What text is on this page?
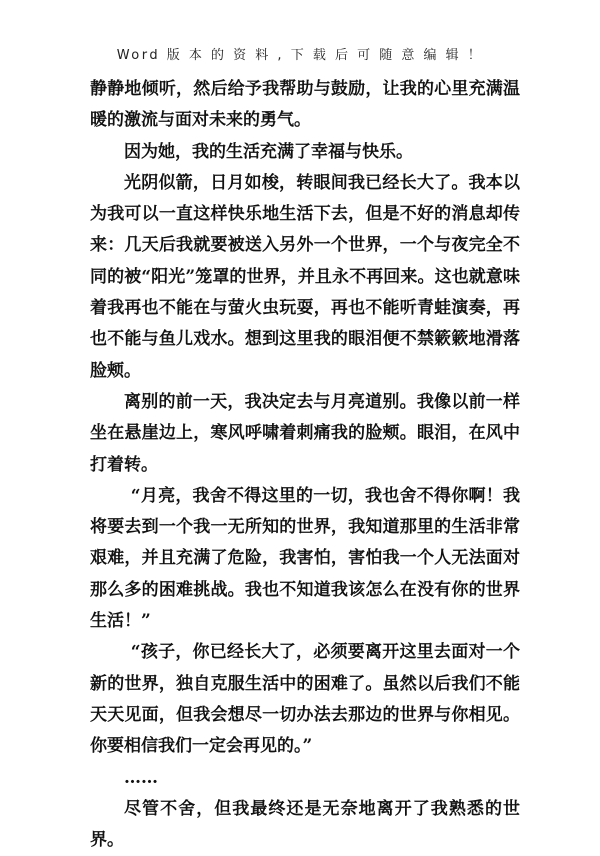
Word 版 本 的 资 料 , 下 载 后 可 随 意 编 辑 ！

静静地倾听，然后给予我帮助与鼓励，让我的心里充满温暖的激流与面对未来的勇气。

因为她，我的生活充满了幸福与快乐。

光阴似箭，日月如梭，转眼间我已经长大了。我本以为我可以一直这样快乐地生活下去，但是不好的消息却传来：几天后我就要被送入另外一个世界，一个与夜完全不同的被“阳光”笼罩的世界，并且永不再回来。这也就意味着我再也不能在与萤火虫玩耍，再也不能听青蛙演奏，再也不能与鱼儿戏水。想到这里我的眼泪便不禁簌簌地滑落脸颊。

离别的前一天，我决定去与月亮道别。我像以前一样坐在悬崖边上，寒风呼啸着刺痛我的脸颊。眼泪，在风中打着转。

“月亮，我舍不得这里的一切，我也舍不得你啊！我将要去到一个我一无所知的世界，我知道那里的生活非常艰难，并且充满了危险，我害怕，害怕我一个人无法面对那么多的困难挑战。我也不知道我该怎么在没有你的世界生活！”

“孩子，你已经长大了，必须要离开这里去面对一个新的世界，独自克服生活中的困难了。虽然以后我们不能天天见面，但我会想尽一切办法去那边的世界与你相见。你要相信我们一定会再见的。”

……

尽管不舍，但我最终还是无奈地离开了我熟悉的世界。
